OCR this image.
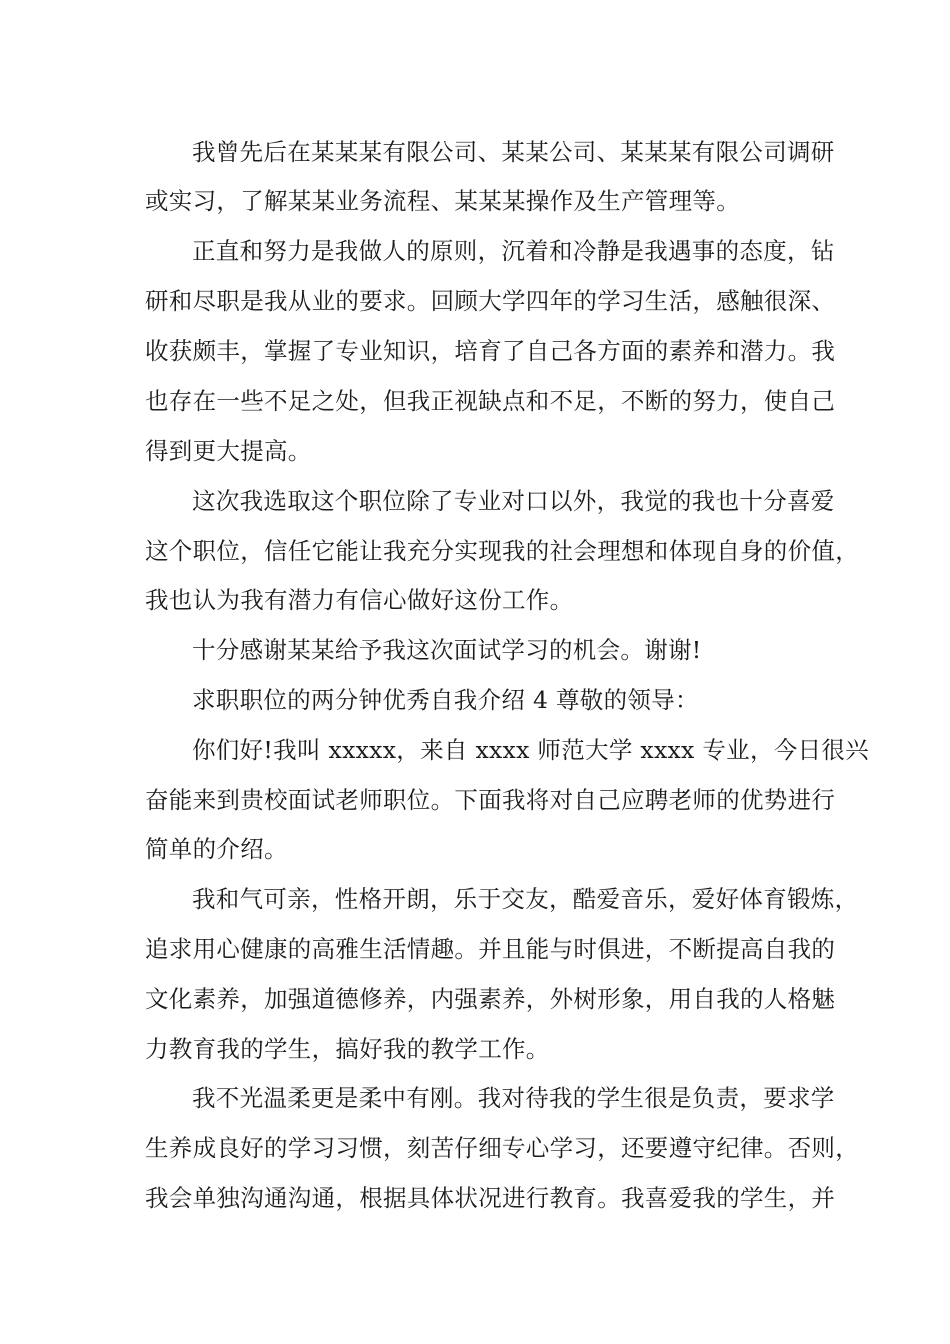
我曾先后在某某某有限公司、某某公司、某某某有限公司调研
或实习，了解某某业务流程、某某某操作及生产管理等。
正直和努力是我做人的原则，沉着和冷静是我遇事的态度，钻
研和尽职是我从业的要求。回顾大学四年的学习生活，感触很深、
收获颇丰，掌握了专业知识，培育了自己各方面的素养和潜力。我
也存在一些不足之处，但我正视缺点和不足，不断的努力，使自己
得到更大提高。
这次我选取这个职位除了专业对口以外，我觉的我也十分喜爱
这个职位，信任它能让我充分实现我的社会理想和体现自身的价值，
我也认为我有潜力有信心做好这份工作。
十分感谢某某给予我这次面试学习的机会。谢谢!
求职职位的两分钟优秀自我介绍 4 尊敬的领导：
你们好!我叫 xxxxx，来自 xxxx 师范大学 xxxx 专业，今日很兴
奋能来到贵校面试老师职位。下面我将对自己应聘老师的优势进行
简单的介绍。
我和气可亲，性格开朗，乐于交友，酷爱音乐，爱好体育锻炼，
追求用心健康的高雅生活情趣。并且能与时俱进，不断提高自我的
文化素养，加强道德修养，内强素养，外树形象，用自我的人格魅
力教育我的学生，搞好我的教学工作。
我不光温柔更是柔中有刚。我对待我的学生很是负责，要求学
生养成良好的学习习惯，刻苦仔细专心学习，还要遵守纪律。否则，
我会单独沟通沟通，根据具体状况进行教育。我喜爱我的学生，并
